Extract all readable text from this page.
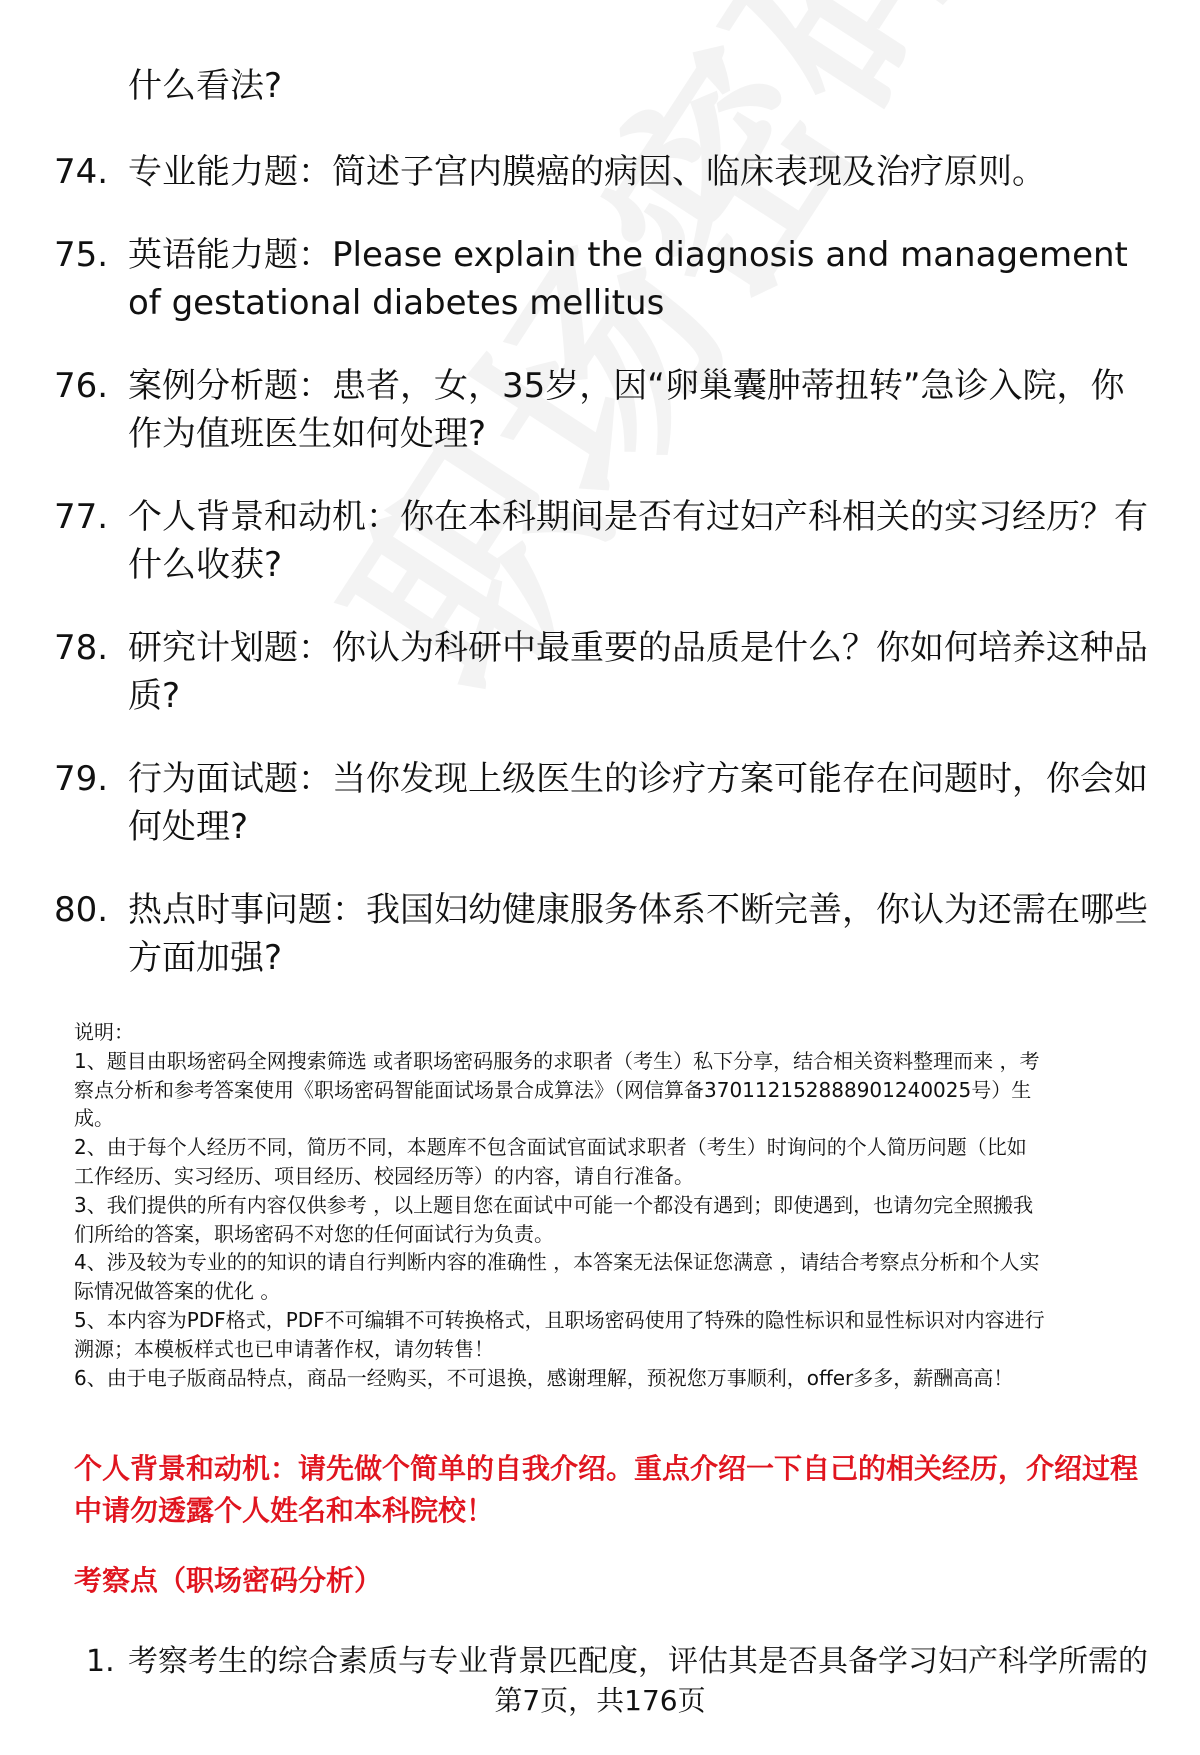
什么看法?
74. 专业能力题：简述子宫内膜癌的病因、临床表现及治疗原则。
75. 英语能力题：Please explain the diagnosis and management of gestational diabetes mellitus
76. 案例分析题：患者，女，35岁，因“卵巢囊肿蒂扭转”急诊入院，你作为值班医生如何处理?
77. 个人背景和动机：你在本科期间是否有过妇产科相关的实习经历？有什么收获?
78. 研究计划题：你认为科研中最重要的品质是什么？你如何培养这种品质?
79. 行为面试题：当你发现上级医生的诊疗方案可能存在问题时，你会如何处理?
80. 热点时事问题：我国妇幼健康服务体系不断完善，你认为还需在哪些方面加强?

说明：

1、题目由职场密码全网搜索筛选 或者职场密码服务的求职者（考生）私下分享，结合相关资料整理而来 ，考

察点分析和参考答案使用《职场密码智能面试场景合成算法》（网信算备370112152888901240025号）生

成。

2、由于每个人经历不同，简历不同，本题库不包含面试官面试求职者（考生）时询问的个人简历问题（比如

工作经历、实习经历、项目经历、校园经历等）的内容，请自行准备。

3、我们提供的所有内容仅供参考 ，以上题目您在面试中可能一个都没有遇到；即使遇到，也请勿完全照搬我

们所给的答案，职场密码不对您的任何面试行为负责。

4、涉及较为专业的的知识的请自行判断内容的准确性 ，本答案无法保证您满意 ，请结合考察点分析和个人实

际情况做答案的优化 。

5、本内容为PDF格式，PDF不可编辑不可转换格式，且职场密码使用了特殊的隐性标识和显性标识对内容进行

溯源；本模板样式也已申请著作权，请勿转售！

6、由于电子版商品特点，商品一经购买，不可退换，感谢理解，预祝您万事顺利，offer多多，薪酬高高！

个人背景和动机：请先做个简单的自我介绍。重点介绍一下自己的相关经历，介绍过程中请勿透露个人姓名和本科院校！
考察点（职场密码分析）
1. 考察考生的综合素质与专业背景匹配度，评估其是否具备学习妇产科学所需的
第7页，共176页
